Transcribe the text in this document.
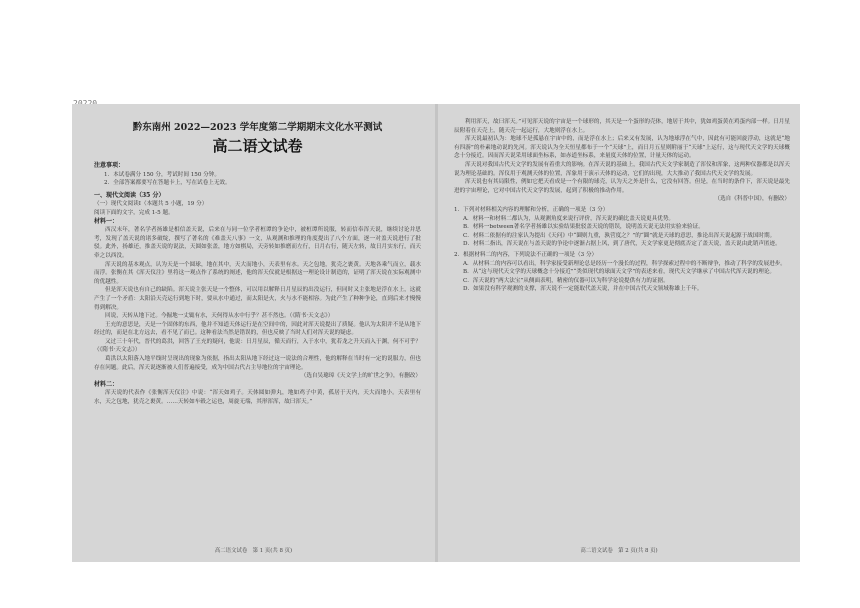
黔东南州 2022—2023 学年度第二学期期末文化水平测试
高二语文试卷
注意事项：
1．本试卷满分 150 分，考试时间 150 分钟。
2．全部答案都要写在答题卡上，写在试卷上无效。
一、现代文阅读（35 分）
（一）现代文阅读Ⅰ（本题共 5 小题，19 分）
阅读下面的文字，完成 1-5 题。
材料一：
西汉末年，著名学者扬雄是相信盖天说，后来在与同一位学者桓谭的争论中，被桓谭所说服，转而信奉浑天说，继续讨论并思考，发现了盖天说的诸多破绽，撰写了著名的《难盖天八事》一文，从观测和推理的角度提出了八个方面，逐一对盖天说进行了批驳。此外，扬雄还，推盖天说的说法，天圆如张盖，地方如棋局，天旁转如推磨而左行，日月右行，随天左转，故日月实东行，而天牵之以西没。
浑天说的基本观点，认为天是一个圆球，地在其中，天大而地小，天表里有水。天之包地，犹壳之裹黄。天地各乘气而立，载水而浮。张衡在其《浑天仪注》里将这一观点作了系统的阐述，他的浑天仪就是根据这一理论设计制造的，证明了浑天说在实际观测中的优越性。
但是浑天说也有自己的缺陷。浑天说主张天是一个整体，可以用以解释日月星辰的出没运行，但同时又主张地是浮在水上，这就产生了一个矛盾：太阳沿天壳运行到地下时，要从水中通过，而太阳是火，火与水不能相容。为此产生了种种争论，直到后来才慢慢得到解决。
回说，天转从地下过。今掘地一丈辄有水，天何得从水中行乎？甚不然也。（《隋书·天文志》）
王充的意思是，天是一个固体的东西，他并不知道天体运行是在空间中的，因此对浑天说提出了质疑。他认为太阳并不是从地下经过的，而是在北方远去，看不见了而已。这种看法当然是错误的，但也反映了当时人们对浑天说的疑虑。
又过三十年代，晋代的葛洪，回答了王充的疑问，他说：日月星辰，循天而行，入于水中，犹若龙之升天而入于渊，何不可乎？（《隋书·天文志》）
葛洪以太阳落入地平线时呈现出的现象为依据，指出太阳从地下经过这一说法的合理性，他的解释在当时有一定的说服力，但也存在问题。此后，浑天说逐渐被人们普遍接受，成为中国古代占主导地位的宇宙理论。
（选自吴璁璋《天文学上的旷世之争》，有删改）
材料二：
浑天说的代表作《张衡浑天仪注》中说：“浑天如鸡子。天体圆如弹丸，地如鸡子中黄，孤居于天内，天大而地小。天表里有水，天之包地，犹壳之裹黄。……天转如车毂之运也，周旋无端，其形浑浑，故曰浑天。”
高二语文试卷　第 1 页(共 8 页)
利用浑天，故曰浑天。”可见浑天说的宇宙是一个球形的，其天是一个蛋形的壳体，地居于其中，犹如鸡蛋黄在鸡蛋内部一样。日月星辰附着在天壳上，随天壳一起运行，大地则浮在水上。
浑天说最初认为：地球不是孤悬在宇宙中的，而是浮在水上；后来又有发展，认为地球浮在气中，因此有可能回旋浮动，这就是“地有四游”的朴素地动说的先河。浑天说认为全天恒星都布于一个“天球”上，而日月五星则附丽于“天球”上运行，这与现代天文学的天球概念十分接近。因而浑天说采用球面坐标系，如赤道坐标系，来量度天体的位置，计量天体的运动。
浑天说对我国古代天文学的发展有着重大的影响。在浑天说的基础上，我国古代天文学家制造了浑仪和浑象，这两种仪器都是以浑天说为理论基础的。浑仪用于观测天体的位置，浑象用于演示天体的运动，它们的出现，大大推动了我国古代天文学的发展。
浑天说也有其局限性，例如它把天看成是一个有限的球壳，认为天之外是什么，它没有回答。但是，在当时的条件下，浑天说是最先进的宇宙理论，它对中国古代天文学的发展，起到了积极的推动作用。
（选自《科普中国》，有删改）
1．下列对材料相关内容的理解和分析，正确的一项是（3 分）
A．材料一和材料二都认为，从观测角度来说行评价，浑天说的确比盖天说更具优势。
B．材料一between著名学者扬雄以实验结果批驳盖天说的错误，说明盖天说无法用实验来验证。
C．材料二依据有的注家认为提出《天问》中“圜则九重，孰营度之？”的“圜”就是天球的意思，推论出浑天说起源于战国时期。
D．材料二指出，浑天说在与盖天说的争论中逐渐占据上风，到了唐代，天文学家更是彻底否定了盖天说，盖天说由此销声匿迹。
2．根据材料二的内容，下列说法不正确的一项是（3 分）
A．从材料二的内容可以看出，科学家接受新理论总是经历一个漫长的过程，科学探索过程中的不断辩争，推动了科学的发展进步。
B．从“这与现代天文学的天球概念十分接近”“类似现代的球面天文学”的表述来看，现代天文学继承了中国古代浑天说的理论。
C．浑天说的“两大法宝”从侧面表明，精密的仪器可以为科学论说提供有力的证据。
D．如果没有科学观测的支撑，浑天说不一定能取代盖天说，并在中国古代天文领域称雄上千年。
高二语文试卷　第 2 页(共 8 页)
